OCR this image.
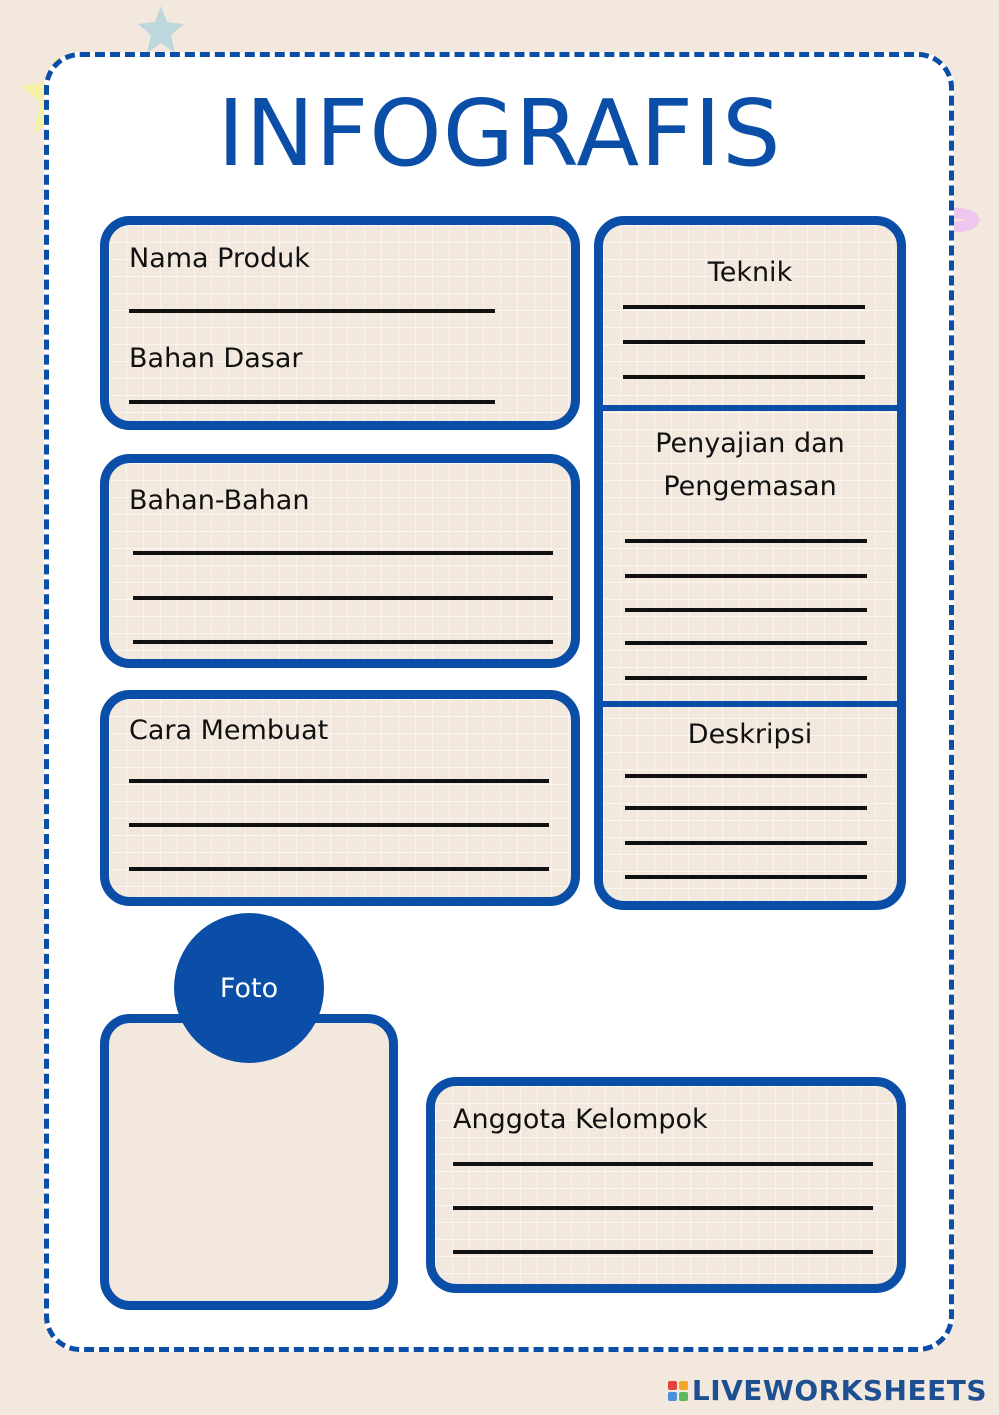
INFOGRAFIS
Nama Produk
Bahan Dasar
Bahan-Bahan
Cara Membuat
Teknik
Penyajian dan
Pengemasan
Deskripsi
Foto
Anggota Kelompok
LIVEWORKSHEETS
